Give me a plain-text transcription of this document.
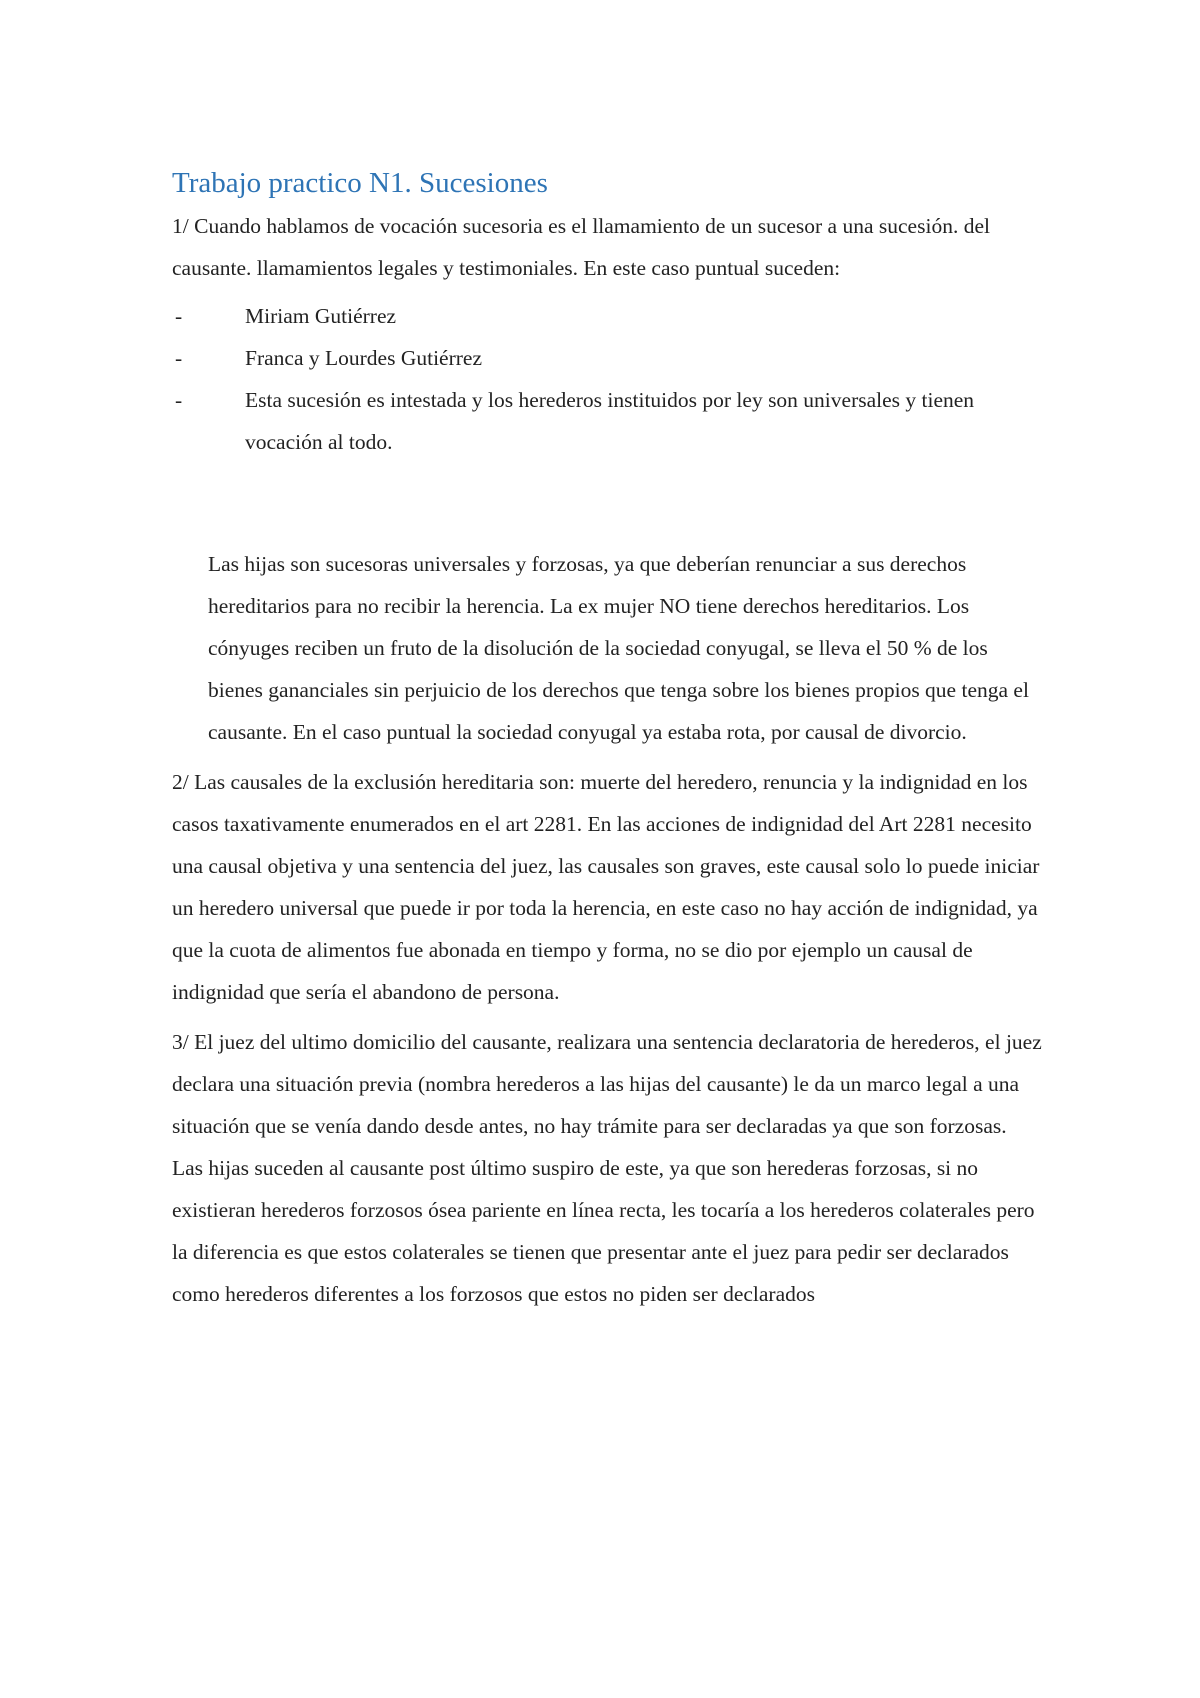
Trabajo practico N1. Sucesiones

1/ Cuando hablamos de vocación sucesoria es el llamamiento de un sucesor a una sucesión. del causante. llamamientos legales y testimoniales. En este caso puntual suceden:

-	Miriam Gutiérrez
-	Franca y Lourdes Gutiérrez
-	Esta sucesión es intestada y los herederos instituidos por ley son universales y tienen vocación al todo.

Las hijas son sucesoras universales y forzosas, ya que deberían renunciar a sus derechos hereditarios para no recibir la herencia. La ex mujer NO tiene derechos hereditarios. Los cónyuges reciben un fruto de la disolución de la sociedad conyugal, se lleva el 50 % de los bienes gananciales sin perjuicio de los derechos que tenga sobre los bienes propios que tenga el causante. En el caso puntual la sociedad conyugal ya estaba rota, por causal de divorcio.

2/ Las causales de la exclusión hereditaria son: muerte del heredero, renuncia y la indignidad en los casos taxativamente enumerados en el art 2281. En las acciones de indignidad del Art 2281 necesito una causal objetiva y una sentencia del juez, las causales son graves, este causal solo lo puede iniciar un heredero universal que puede ir por toda la herencia, en este caso no hay acción de indignidad, ya que la cuota de alimentos fue abonada en tiempo y forma, no se dio por ejemplo un causal de indignidad que sería el abandono de persona.

3/ El juez del ultimo domicilio del causante, realizara una sentencia declaratoria de herederos, el juez declara una situación previa (nombra herederos a las hijas del causante) le da un marco legal a una situación que se venía dando desde antes, no hay trámite para ser declaradas ya que son forzosas. Las hijas suceden al causante post último suspiro de este, ya que son herederas forzosas, si no existieran herederos forzosos ósea pariente en línea recta, les tocaría a los herederos colaterales pero la diferencia es que estos colaterales se tienen que presentar ante el juez para pedir ser declarados como herederos diferentes a los forzosos que estos no piden ser declarados
